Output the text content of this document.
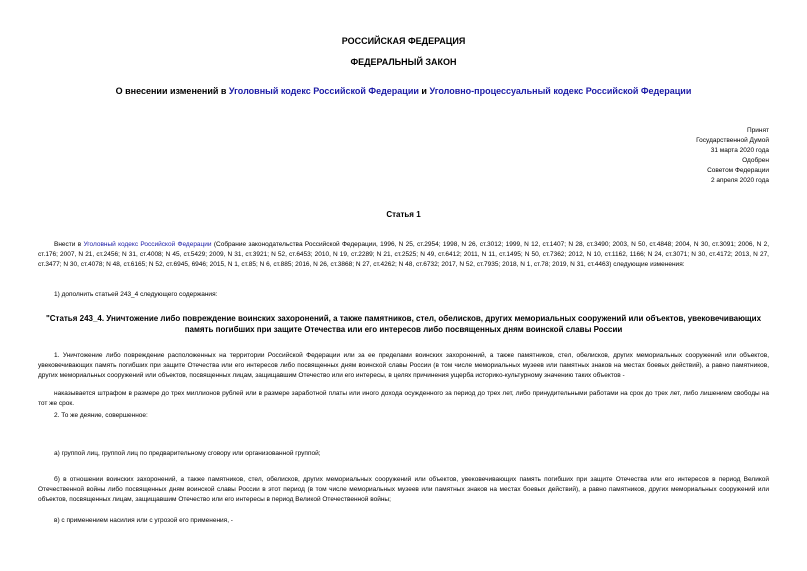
РОССИЙСКАЯ ФЕДЕРАЦИЯ
ФЕДЕРАЛЬНЫЙ ЗАКОН
О внесении изменений в Уголовный кодекс Российской Федерации и Уголовно-процессуальный кодекс Российской Федерации
Принят
Государственной Думой
31 марта 2020 года
Одобрен
Советом Федерации
2 апреля 2020 года
Статья 1
Внести в Уголовный кодекс Российской Федерации (Собрание законодательства Российской Федерации, 1996, N 25, ст.2954; 1998, N 26, ст.3012; 1999, N 12, ст.1407; N 28, ст.3490; 2003, N 50, ст.4848; 2004, N 30, ст.3091; 2006, N 2, ст.176; 2007, N 21, ст.2456; N 31, ст.4008; N 45, ст.5429; 2009, N 31, ст.3921; N 52, ст.6453; 2010, N 19, ст.2289; N 21, ст.2525; N 49, ст.6412; 2011, N 11, ст.1495; N 50, ст.7362; 2012, N 10, ст.1162, 1166; N 24, ст.3071; N 30, ст.4172; 2013, N 27, ст.3477; N 30, ст.4078; N 48, ст.6165; N 52, ст.6945, 6946; 2015, N 1, ст.85; N 6, ст.885; 2016, N 26, ст.3868; N 27, ст.4262; N 48, ст.6732; 2017, N 52, ст.7935; 2018, N 1, ст.78; 2019, N 31, ст.4463) следующие изменения:
1) дополнить статьей 243_4 следующего содержания:
"Статья 243_4. Уничтожение либо повреждение воинских захоронений, а также памятников, стел, обелисков, других мемориальных сооружений или объектов, увековечивающих память погибших при защите Отечества или его интересов либо посвященных дням воинской славы России
1. Уничтожение либо повреждение расположенных на территории Российской Федерации или за ее пределами воинских захоронений, а также памятников, стел, обелисков, других мемориальных сооружений или объектов, увековечивающих память погибших при защите Отечества или его интересов либо посвященных дням воинской славы России (в том числе мемориальных музеев или памятных знаков на местах боевых действий), а равно памятников, других мемориальных сооружений или объектов, посвященных лицам, защищавшим Отечество или его интересы, в целях причинения ущерба историко-культурному значению таких объектов -
наказывается штрафом в размере до трех миллионов рублей или в размере заработной платы или иного дохода осужденного за период до трех лет, либо принудительными работами на срок до трех лет, либо лишением свободы на тот же срок.
2. То же деяние, совершенное:
а) группой лиц, группой лиц по предварительному сговору или организованной группой;
б) в отношении воинских захоронений, а также памятников, стел, обелисков, других мемориальных сооружений или объектов, увековечивающих память погибших при защите Отечества или его интересов в период Великой Отечественной войны либо посвященных дням воинской славы России в этот период (в том числе мемориальных музеев или памятных знаков на местах боевых действий), а равно памятников, других мемориальных сооружений или объектов, посвященных лицам, защищавшим Отечество или его интересы в период Великой Отечественной войны;
в) с применением насилия или с угрозой его применения, -
